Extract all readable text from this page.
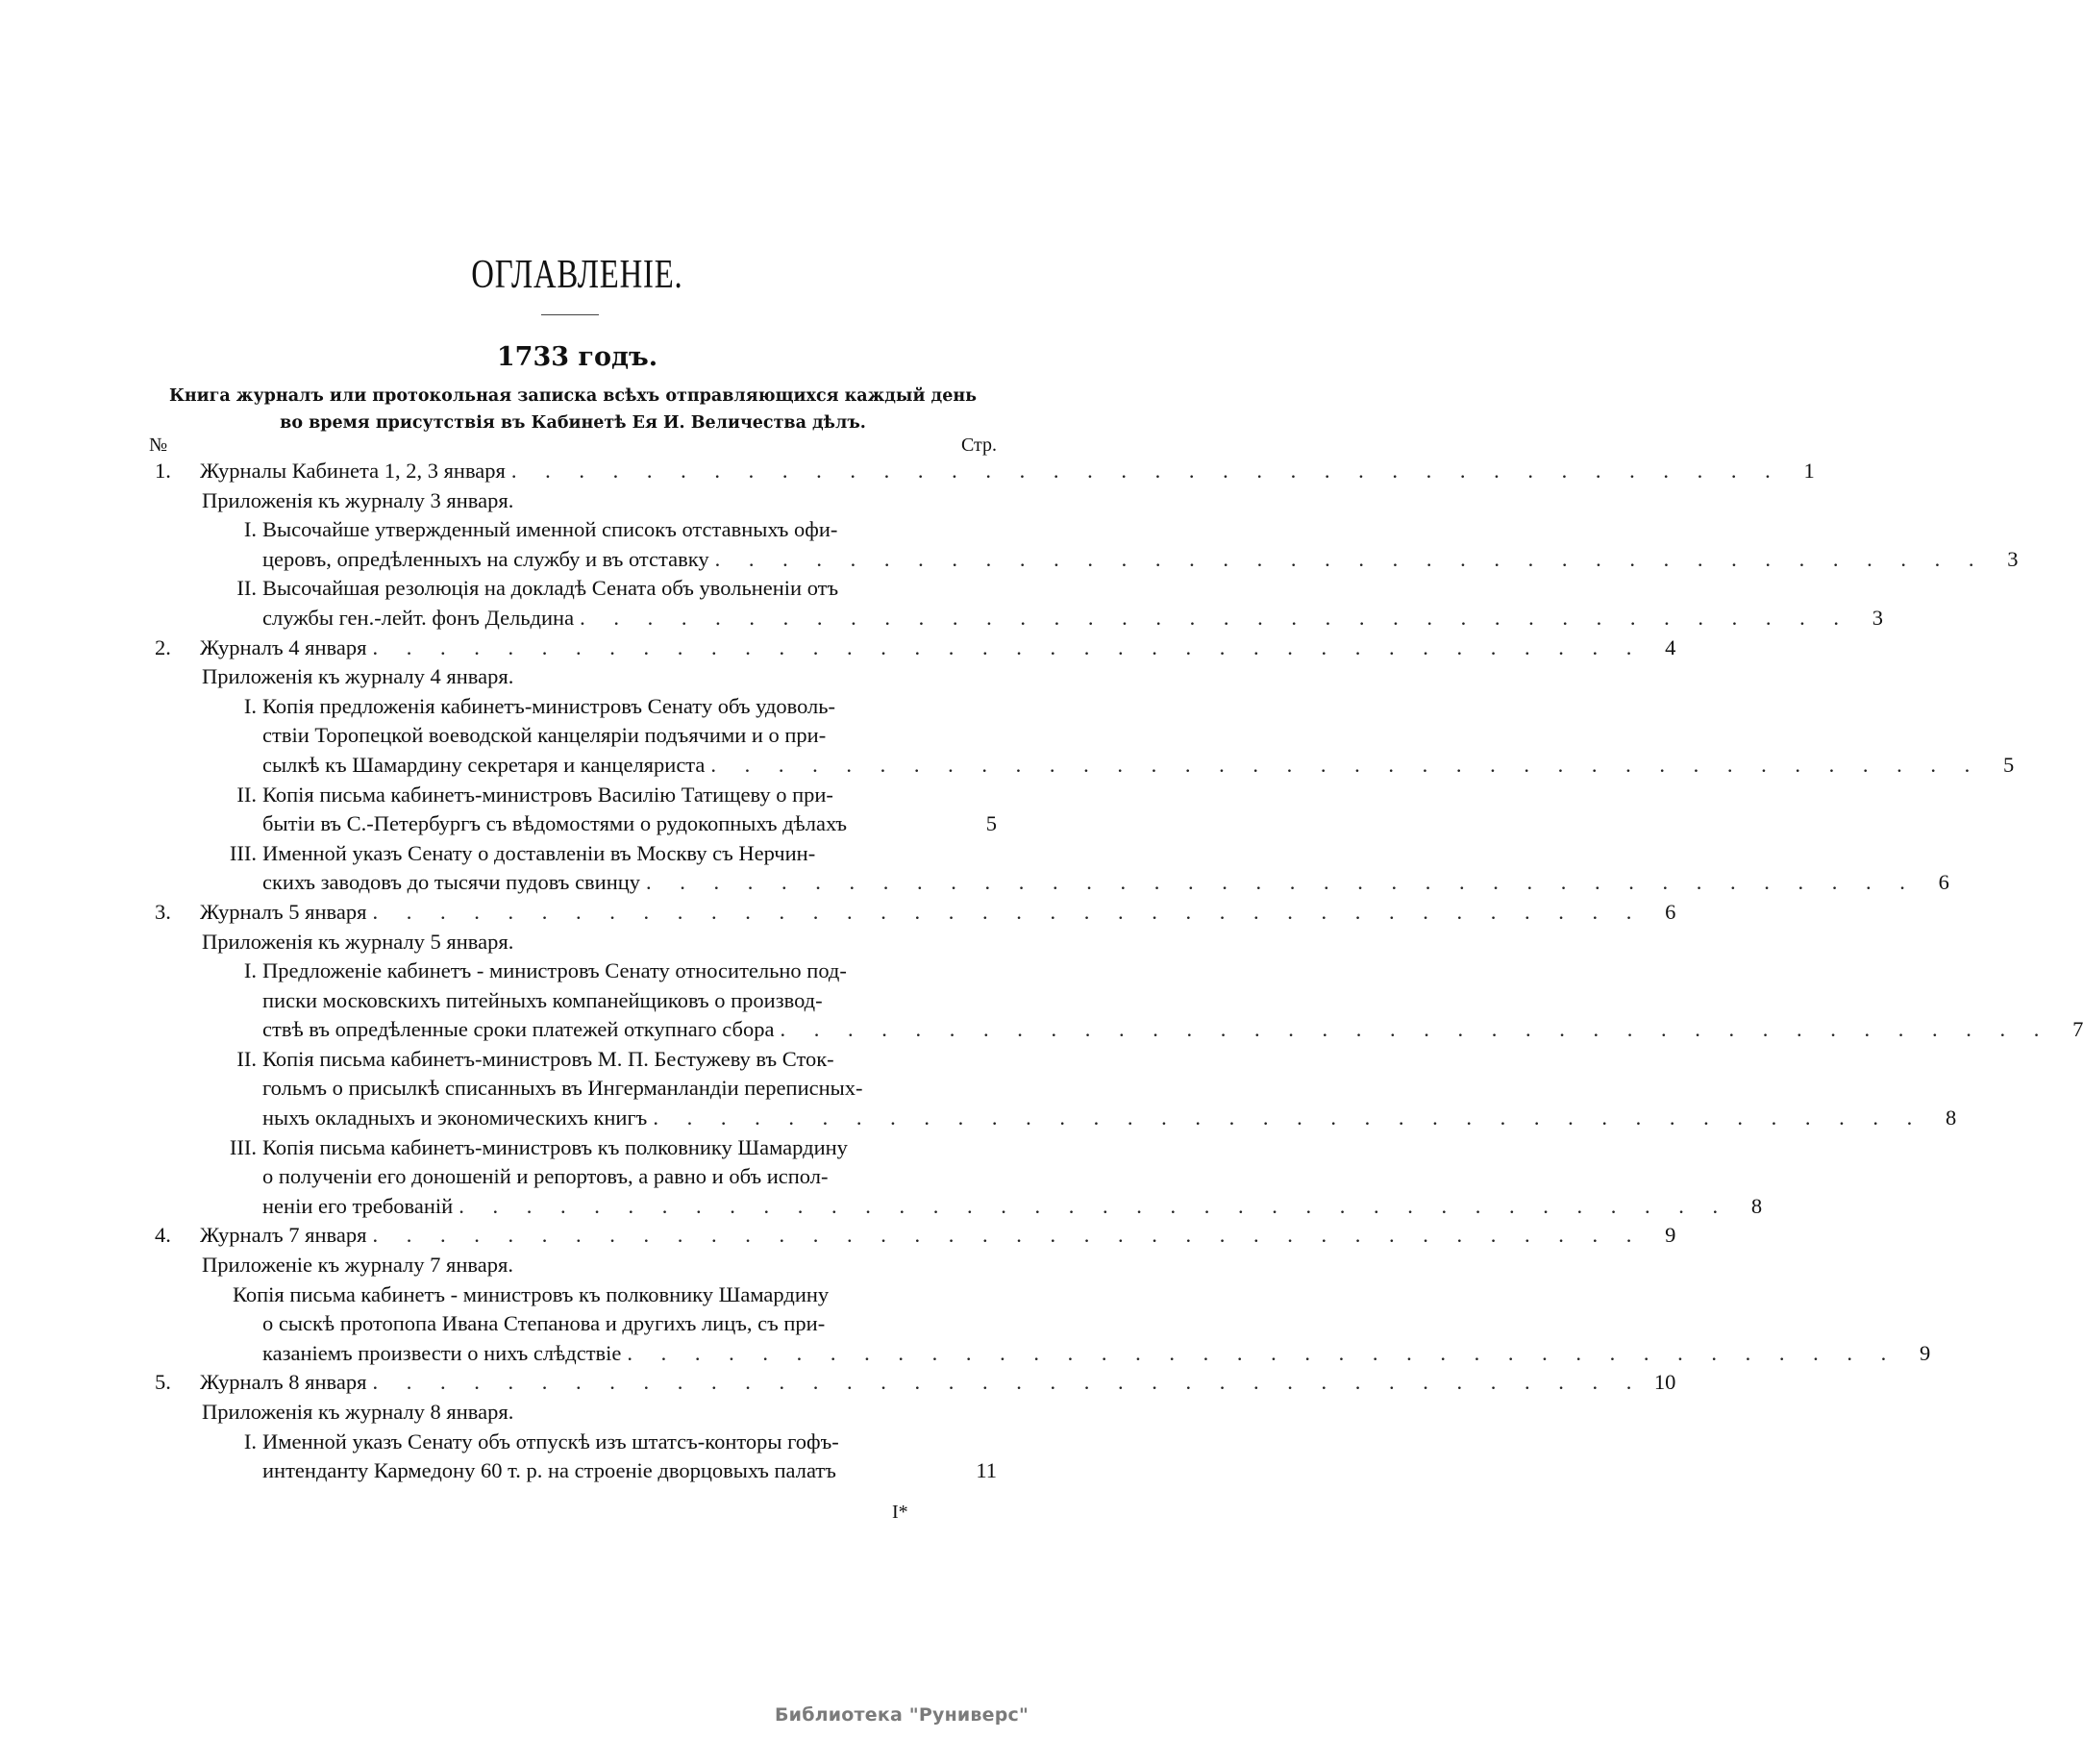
ОГЛАВЛЕНІЕ.
1733 годъ.
Книга журналъ или протокольная записка всѣхъ отправляющихся каждый день
во время присутствія въ Кабинетѣ Ея И. Величества дѣлъ.
№	Стр.
1. Журналы Кабинета 1, 2, 3 января . . . . . . . . . . . . . . . . . . . . . . . . . . . . . . . . . . . . . .	1
Приложенія къ журналу 3 января.
I. Высочайше утвержденный именной списокъ отставныхъ офи-
церовъ, опредѣленныхъ на службу и въ отставку . . . . . . . . . . . . . . . . . . . . . . . . . . . . . . . . . . . . . .	3
II. Высочайшая резолюція на докладѣ Сената объ увольненіи отъ
службы ген.-лейт. фонъ Дельдина . . . . . . . . . . . . . . . . . . . . . . . . . . . . . . . . . . . . . .	3
2. Журналъ 4 января . . . . . . . . . . . . . . . . . . . . . . . . . . . . . . . . . . . . . .	4
Приложенія къ журналу 4 января.
I. Копія предложенія кабинетъ-министровъ Сенату объ удоволь-
ствіи Торопецкой воеводской канцеляріи подъячими и о при-
сылкѣ къ Шамардину секретаря и канцеляриста . . . . . . . . . . . . . . . . . . . . . . . . . . . . . . . . . . . . . .	5
II. Копія письма кабинетъ-министровъ Василію Татищеву о при-
бытіи въ С.-Петербургъ съ вѣдомостями о рудокопныхъ дѣлахъ	5
III. Именной указъ Сенату о доставленіи въ Москву съ Нерчин-
скихъ заводовъ до тысячи пудовъ свинцу . . . . . . . . . . . . . . . . . . . . . . . . . . . . . . . . . . . . . .	6
3. Журналъ 5 января . . . . . . . . . . . . . . . . . . . . . . . . . . . . . . . . . . . . . .	6
Приложенія къ журналу 5 января.
I. Предложеніе кабинетъ - министровъ Сенату относительно под-
писки московскихъ питейныхъ компанейщиковъ о производ-
ствѣ въ опредѣленные сроки платежей откупнаго сбора . . . . . . . . . . . . . . . . . . . . . . . . . . . . . . . . . . . . . .	7
II. Копія письма кабинетъ-министровъ М. П. Бестужеву въ Сток-
гольмъ о присылкѣ списанныхъ въ Ингерманландіи переписных-
ныхъ окладныхъ и экономическихъ книгъ . . . . . . . . . . . . . . . . . . . . . . . . . . . . . . . . . . . . . .	8
III. Копія письма кабинетъ-министровъ къ полковнику Шамардину
о полученіи его доношеній и репортовъ, а равно и объ испол-
неніи его требованій . . . . . . . . . . . . . . . . . . . . . . . . . . . . . . . . . . . . . .	8
4. Журналъ 7 января . . . . . . . . . . . . . . . . . . . . . . . . . . . . . . . . . . . . . .	9
Приложеніе къ журналу 7 января.
Копія письма кабинетъ - министровъ къ полковнику Шамардину
о сыскѣ протопопа Ивана Степанова и другихъ лицъ, съ при-
казаніемъ произвести о нихъ слѣдствіе . . . . . . . . . . . . . . . . . . . . . . . . . . . . . . . . . . . . . .	9
5. Журналъ 8 января . . . . . . . . . . . . . . . . . . . . . . . . . . . . . . . . . . . . . . 10
Приложенія къ журналу 8 января.
I. Именной указъ Сенату объ отпускѣ изъ штатсъ-конторы гофъ-
интенданту Кармедону 60 т. р. на строеніе дворцовыхъ палатъ	11
I*
Библиотека "Руниверс"
